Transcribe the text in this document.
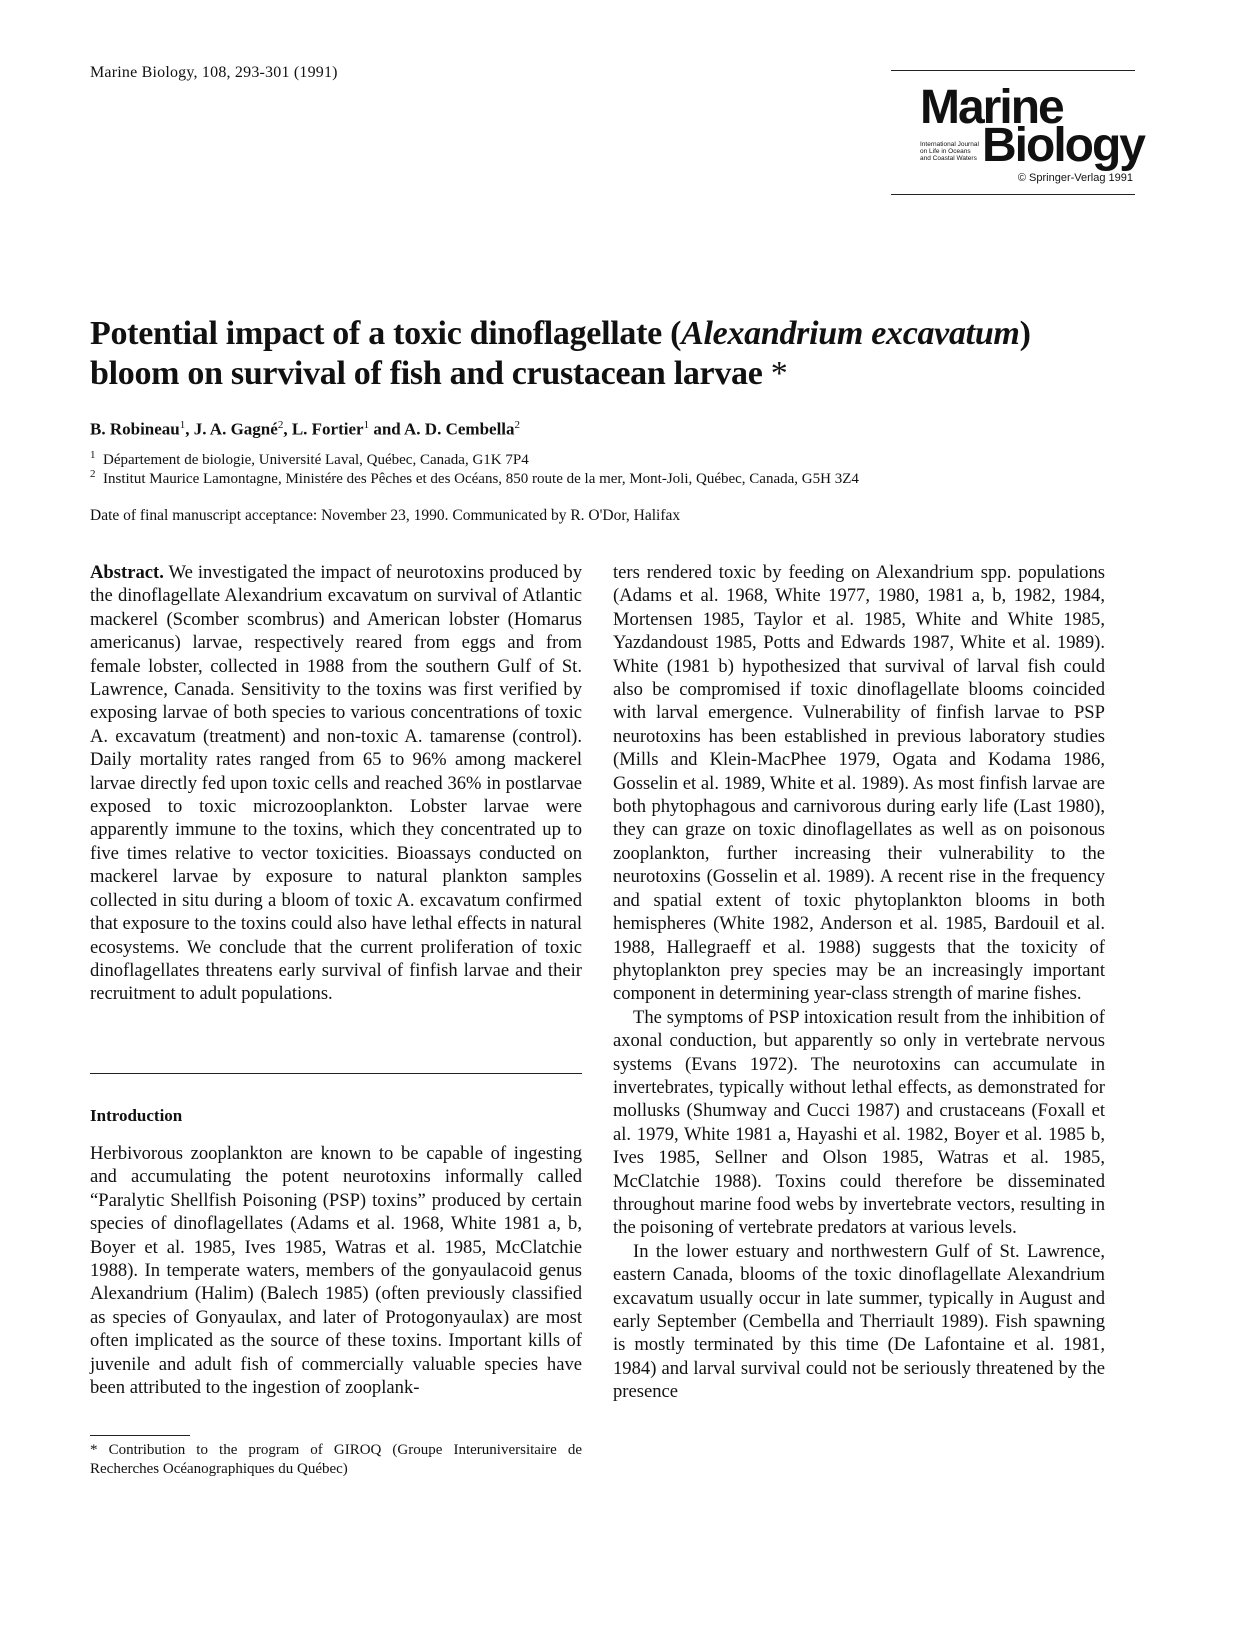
Marine Biology, 108, 293-301 (1991)
Marine
International Journal on Life in Oceans and Coastal Waters Biology
© Springer-Verlag 1991
Potential impact of a toxic dinoflagellate (Alexandrium excavatum)
bloom on survival of fish and crustacean larvae *
B. Robineau$^1$, J. A. Gagné$^2$, L. Fortier$^1$ and A. D. Cembella$^2$
$^1$ Département de biologie, Université Laval, Québec, Canada, G1K 7P4
$^2$ Institut Maurice Lamontagne, Ministére des Pêches et des Océans, 850 route de la mer, Mont-Joli, Québec, Canada, G5H 3Z4
Date of final manuscript acceptance: November 23, 1990. Communicated by R. O'Dor, Halifax

Abstract. We investigated the impact of neurotoxins produced by the dinoflagellate Alexandrium excavatum on survival of Atlantic mackerel (Scomber scombrus) and American lobster (Homarus americanus) larvae, respectively reared from eggs and from female lobster, collected in 1988 from the southern Gulf of St. Lawrence, Canada. Sensitivity to the toxins was first verified by exposing larvae of both species to various concentrations of toxic A. excavatum (treatment) and non-toxic A. tamarense (control). Daily mortality rates ranged from 65 to 96% among mackerel larvae directly fed upon toxic cells and reached 36% in postlarvae exposed to toxic microzooplankton. Lobster larvae were apparently immune to the toxins, which they concentrated up to five times relative to vector toxicities. Bioassays conducted on mackerel larvae by exposure to natural plankton samples collected in situ during a bloom of toxic A. excavatum confirmed that exposure to the toxins could also have lethal effects in natural ecosystems. We conclude that the current proliferation of toxic dinoflagellates threatens early survival of finfish larvae and their recruitment to adult populations.

Introduction
Herbivorous zooplankton are known to be capable of ingesting and accumulating the potent neurotoxins informally called “Paralytic Shellfish Poisoning (PSP) toxins” produced by certain species of dinoflagellates (Adams et al. 1968, White 1981 a, b, Boyer et al. 1985, Ives 1985, Watras et al. 1985, McClatchie 1988). In temperate waters, members of the gonyaulacoid genus Alexandrium (Halim) (Balech 1985) (often previously classified as species of Gonyaulax, and later of Protogonyaulax) are most often implicated as the source of these toxins. Important kills of juvenile and adult fish of commercially valuable species have been attributed to the ingestion of zooplank-
* Contribution to the program of GIROQ (Groupe Interuniversitaire de Recherches Océanographiques du Québec)

ters rendered toxic by feeding on Alexandrium spp. populations (Adams et al. 1968, White 1977, 1980, 1981 a, b, 1982, 1984, Mortensen 1985, Taylor et al. 1985, White and White 1985, Yazdandoust 1985, Potts and Edwards 1987, White et al. 1989). White (1981 b) hypothesized that survival of larval fish could also be compromised if toxic dinoflagellate blooms coincided with larval emergence. Vulnerability of finfish larvae to PSP neurotoxins has been established in previous laboratory studies (Mills and Klein-MacPhee 1979, Ogata and Kodama 1986, Gosselin et al. 1989, White et al. 1989). As most finfish larvae are both phytophagous and carnivorous during early life (Last 1980), they can graze on toxic dinoflagellates as well as on poisonous zooplankton, further increasing their vulnerability to the neurotoxins (Gosselin et al. 1989). A recent rise in the frequency and spatial extent of toxic phytoplankton blooms in both hemispheres (White 1982, Anderson et al. 1985, Bardouil et al. 1988, Hallegraeff et al. 1988) suggests that the toxicity of phytoplankton prey species may be an increasingly important component in determining year-class strength of marine fishes.

The symptoms of PSP intoxication result from the inhibition of axonal conduction, but apparently so only in vertebrate nervous systems (Evans 1972). The neurotoxins can accumulate in invertebrates, typically without lethal effects, as demonstrated for mollusks (Shumway and Cucci 1987) and crustaceans (Foxall et al. 1979, White 1981 a, Hayashi et al. 1982, Boyer et al. 1985 b, Ives 1985, Sellner and Olson 1985, Watras et al. 1985, McClatchie 1988). Toxins could therefore be disseminated throughout marine food webs by invertebrate vectors, resulting in the poisoning of vertebrate predators at various levels.

In the lower estuary and northwestern Gulf of St. Lawrence, eastern Canada, blooms of the toxic dinoflagellate Alexandrium excavatum usually occur in late summer, typically in August and early September (Cembella and Therriault 1989). Fish spawning is mostly terminated by this time (De Lafontaine et al. 1981, 1984) and larval survival could not be seriously threatened by the presence
